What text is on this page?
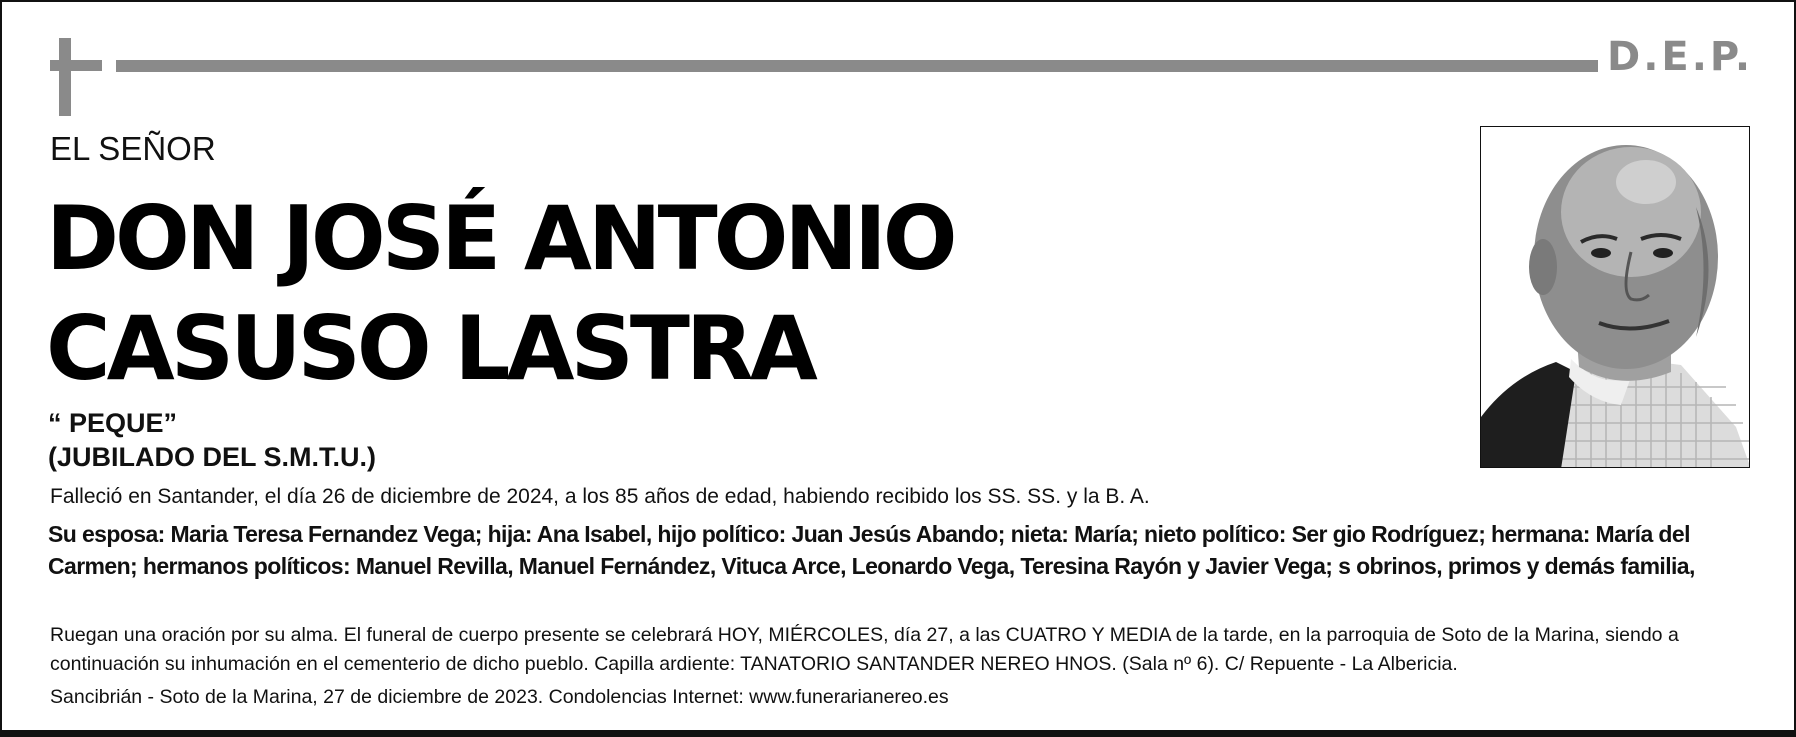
D.E.P.
EL SEÑOR
DON JOSÉ ANTONIO
CASUSO LASTRA
“ PEQUE”
(JUBILADO DEL S.M.T.U.)
Falleció en Santander, el día 26 de diciembre de 2024, a los 85 años de edad, habiendo recibido los SS. SS. y la B. A.
Su esposa: Maria Teresa Fernandez Vega; hija: Ana Isabel, hijo político: Juan Jesús Abando; nieta: María; nieto político: Ser gio Rodríguez; hermana: María del Carmen; hermanos políticos: Manuel Revilla, Manuel Fernández, Vituca Arce, Leonardo Vega, Teresina Rayón y Javier Vega; s obrinos, primos y demás familia,
Ruegan una oración por su alma. El funeral de cuerpo presente se celebrará HOY, MIÉRCOLES, día 27, a las CUATRO Y MEDIA de la tarde, en la parroquia de Soto de la Marina, siendo a continuación su inhumación en el cementerio de dicho pueblo. Capilla ardiente: TANATORIO SANTANDER NEREO HNOS. (Sala nº 6). C/ Repuente - La Albericia.
Sancibrián - Soto de la Marina, 27 de diciembre de 2023. Condolencias Internet: www.funerarianereo.es
